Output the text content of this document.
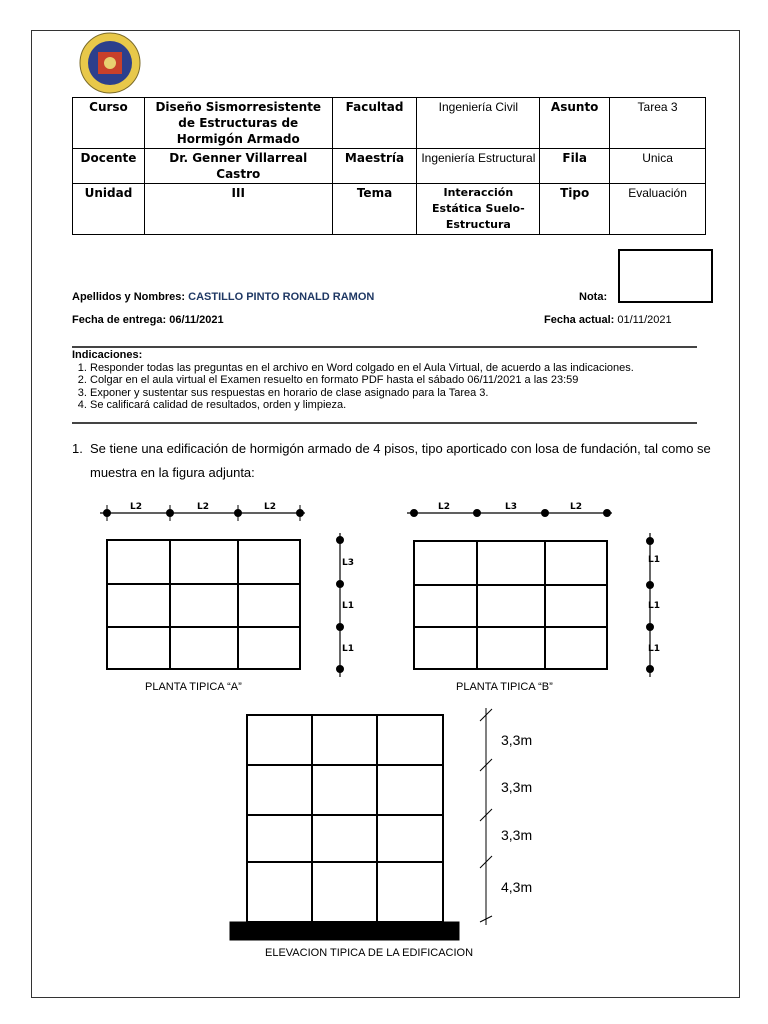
L2	L2	L2
L3
L1
L1
L2	L3	L2
L1
L1
L1
PLANTA TIPICA “A”	PLANTA TIPICA “B”
ELEVACION TIPICA DE LA EDIFICACION
3,3m
3,3m
3,3m
4,3m
Curso	Diseño Sismorresistente de Estructuras de Hormigón Armado	Facultad	Ingeniería Civil	Asunto	Tarea 3
Docente	Dr. Genner Villarreal Castro	Maestría	Ingeniería Estructural	Fila	Unica
Unidad	III	Tema	Interacción Estática Suelo-Estructura	Tipo	Evaluación
Apellidos y Nombres: CASTILLO PINTO RONALD RAMON	Nota:
Fecha de entrega: 06/11/2021	Fecha actual: 01/11/2021
Indicaciones:
1. Responder todas las preguntas en el archivo en Word colgado en el Aula Virtual, de acuerdo a las indicaciones.
2. Colgar en el aula virtual el Examen resuelto en formato PDF hasta el sábado 06/11/2021 a las 23:59
3. Exponer y sustentar sus respuestas en horario de clase asignado para la Tarea 3.
4. Se calificará calidad de resultados, orden y limpieza.
1. Se tiene una edificación de hormigón armado de 4 pisos, tipo aporticado con losa de fundación, tal como se muestra en la figura adjunta:
